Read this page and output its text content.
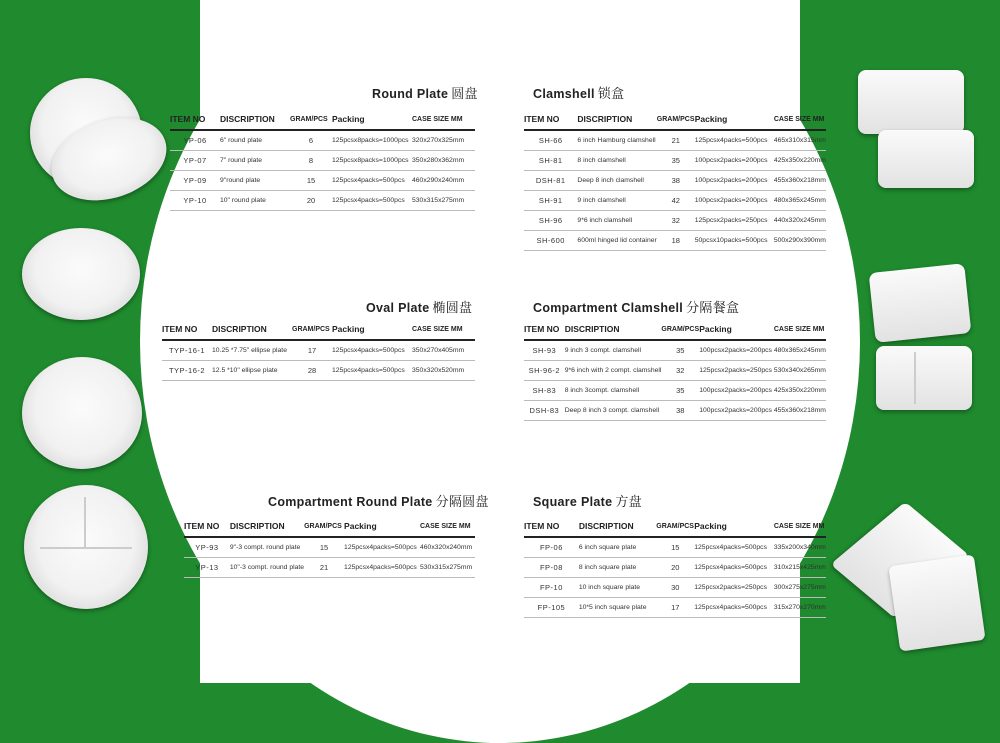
Round Plate 圆盘
ITEM NO	DISCRIPTION	GRAM/PCS	Packing	CASE SIZE MM
YP-06	6" round plate	6	125pcsx8packs=1000pcs	320x270x325mm
YP-07	7" round plate	8	125pcsx8packs=1000pcs	350x280x362mm
YP-09	9"round plate	15	125pcsx4packs=500pcs	460x290x240mm
YP-10	10" round plate	20	125pcsx4packs=500pcs	530x315x275mm
Oval Plate 椭圆盘
ITEM NO	DISCRIPTION	GRAM/PCS	Packing	CASE SIZE MM
TYP-16-1	10.25 *7.75" ellipse plate	17	125pcsx4packs=500pcs	350x270x405mm
TYP-16-2	12.5 *10" ellipse plate	28	125pcsx4packs=500pcs	350x320x520mm
Compartment Round Plate 分隔圆盘
ITEM NO	DISCRIPTION	GRAM/PCS	Packing	CASE SIZE MM
YP-93	9"-3 compt. round plate	15	125pcsx4packs=500pcs	460x320x240mm
YP-13	10"-3 compt. round plate	21	125pcsx4packs=500pcs	530x315x275mm
Clamshell 锁盒
ITEM NO	DISCRIPTION	GRAM/PCS	Packing	CASE SIZE MM
SH-66	6 inch Hamburg clamshell	21	125pcsx4packs=500pcs	465x310x315mm
SH-81	8 inch clamshell	35	100pcsx2packs=200pcs	425x350x220mm
DSH-81	Deep 8 inch clamshell	38	100pcsx2packs=200pcs	455x360x218mm
SH-91	9 inch clamshell	42	100pcsx2packs=200pcs	480x365x245mm
SH-96	9*6 inch clamshell	32	125pcsx2packs=250pcs	440x320x245mm
SH-600	600ml hinged lid container	18	50pcsx10packs=500pcs	500x290x390mm
Compartment Clamshell 分隔餐盒
ITEM NO	DISCRIPTION	GRAM/PCS	Packing	CASE SIZE MM
SH-93	9 inch 3 compt. clamshell	35	100pcsx2packs=200pcs	480x365x245mm
SH-96-2	9*6 inch with 2 compt. clamshell	32	125pcsx2packs=250pcs	530x340x265mm
SH-83	8 inch 3compt. clamshell	35	100pcsx2packs=200pcs	425x350x220mm
DSH-83	Deep 8 inch 3 compt. clamshell	38	100pcsx2packs=200pcs	455x360x218mm
Square Plate 方盘
ITEM NO	DISCRIPTION	GRAM/PCS	Packing	CASE SIZE MM
FP-06	6 inch square plate	15	125pcsx4packs=500pcs	335x200x340mm
FP-08	8 inch square plate	20	125pcsx4packs=500pcs	310x215x425mm
FP-10	10 inch square plate	30	125pcsx2packs=250pcs	300x275x275mm
FP-105	10*5 inch square plate	17	125pcsx4packs=500pcs	315x270x270mm
